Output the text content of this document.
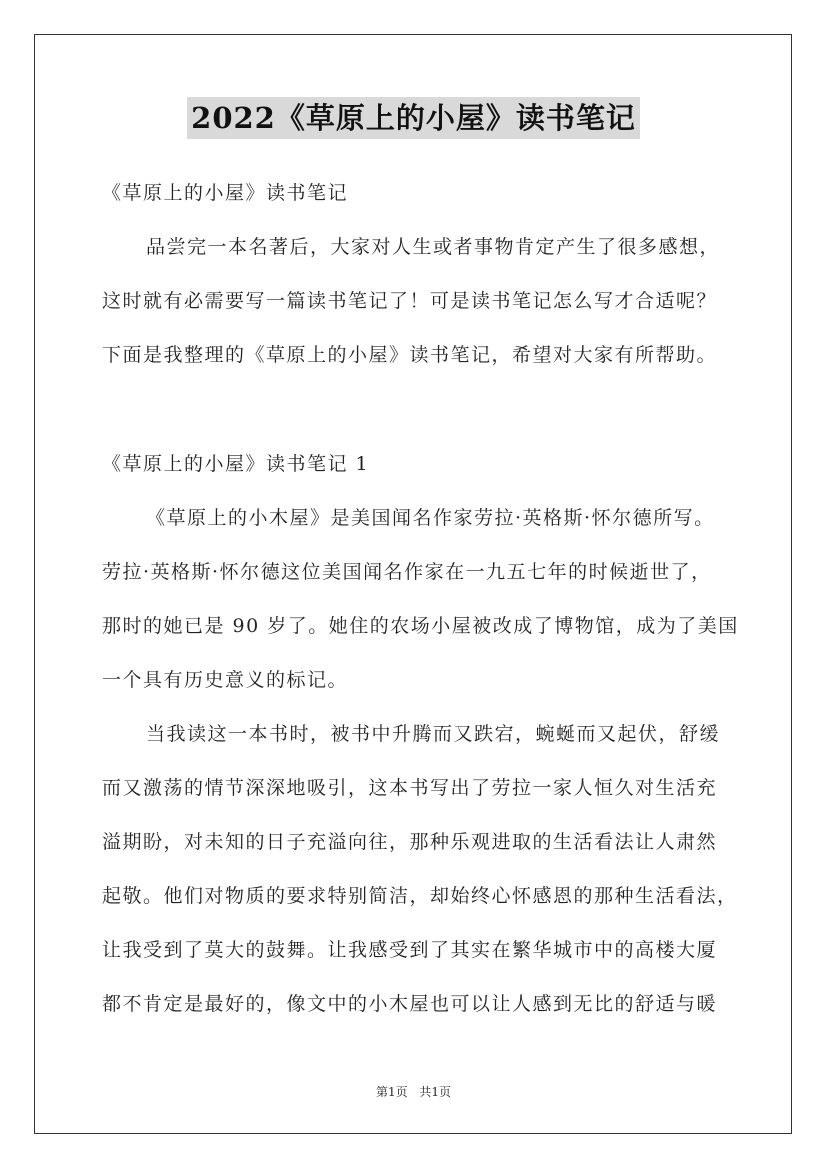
2022《草原上的小屋》读书笔记

《草原上的小屋》读书笔记

品尝完一本名著后，大家对人生或者事物肯定产生了很多感想，

这时就有必需要写一篇读书笔记了！可是读书笔记怎么写才合适呢？

下面是我整理的《草原上的小屋》读书笔记，希望对大家有所帮助。

《草原上的小屋》读书笔记 1

《草原上的小木屋》是美国闻名作家劳拉·英格斯·怀尔德所写。

劳拉·英格斯·怀尔德这位美国闻名作家在一九五七年的时候逝世了，

那时的她已是 90 岁了。她住的农场小屋被改成了博物馆，成为了美国

一个具有历史意义的标记。

当我读这一本书时，被书中升腾而又跌宕，蜿蜒而又起伏，舒缓

而又激荡的情节深深地吸引，这本书写出了劳拉一家人恒久对生活充

溢期盼，对未知的日子充溢向往，那种乐观进取的生活看法让人肃然

起敬。他们对物质的要求特别简洁，却始终心怀感恩的那种生活看法，

让我受到了莫大的鼓舞。让我感受到了其实在繁华城市中的高楼大厦

都不肯定是最好的，像文中的小木屋也可以让人感到无比的舒适与暖

第1页 共1页
